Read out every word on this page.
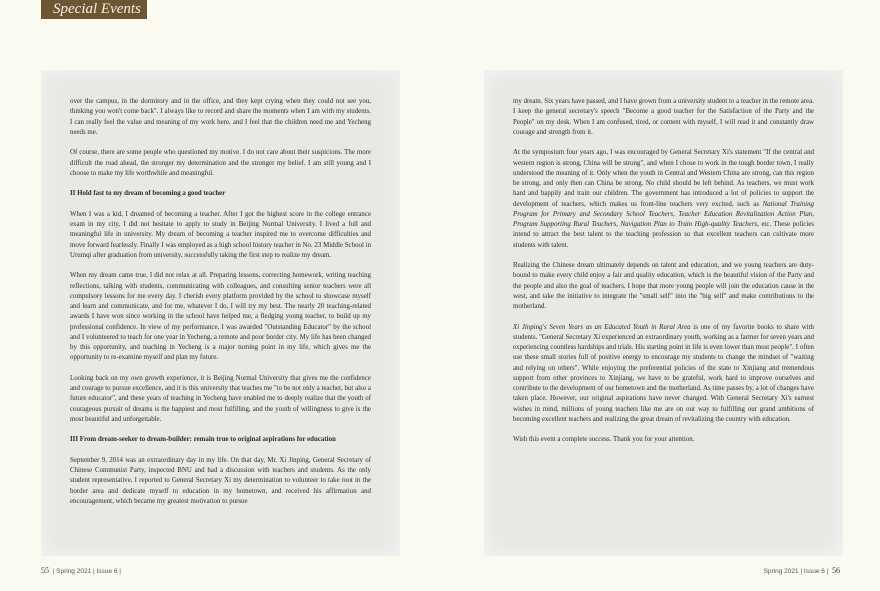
Special Events

over the campus, in the dormitory and in the office, and they kept crying when they could not see you, thinking you won't come back". I always like to record and share the moments when I am with my students. I can really feel the value and meaning of my work here, and I feel that the children need me and Yecheng needs me.

Of course, there are some people who questioned my motive. I do not care about their suspicions. The more difficult the road ahead, the stronger my determination and the stronger my belief. I am still young and I choose to make my life worthwhile and meaningful.

II Hold fast to my dream of becoming a good teacher

When I was a kid, I dreamed of becoming a teacher. After I got the highest score in the college entrance exam in my city, I did not hesitate to apply to study in Beijing Normal University. I lived a full and meaningful life in university. My dream of becoming a teacher inspired me to overcome difficulties and move forward fearlessly. Finally I was employed as a high school history teacher in No. 23 Middle School in Urumqi after graduation from university, successfully taking the first step to realize my dream.

When my dream came true, I did not relax at all. Preparing lessons, correcting homework, writing teaching reflections, talking with students, communicating with colleagues, and consulting senior teachers were all compulsory lessons for me every day. I cherish every platform provided by the school to showcase myself and learn and communicate, and for me, whatever I do, I will try my best. The nearly 20 teaching-related awards I have won since working in the school have helped me, a fledging young teacher, to build up my professional confidence. In view of my performance, I was awarded "Outstanding Educator" by the school and I volunteered to teach for one year in Yecheng, a remote and poor border city. My life has been changed by this opportunity, and teaching in Yecheng is a major turning point in my life, which gives me the opportunity to re-examine myself and plan my future.

Looking back on my own growth experience, it is Beijing Normal University that gives me the confidence and courage to pursue excellence, and it is this university that teaches me "to be not only a teacher, but also a future educator", and these years of teaching in Yecheng have enabled me to deeply realize that the youth of courageous pursuit of dreams is the happiest and most fulfilling, and the youth of willingness to give is the most beautiful and unforgettable.

III From dream-seeker to dream-builder: remain true to original aspirations for education

September 9, 2014 was an extraordinary day in my life. On that day, Mr. Xi Jinping, General Secretary of Chinese Communist Party, inspected BNU and had a discussion with teachers and students. As the only student representative, I reported to General Secretary Xi my determination to volunteer to take root in the border area and dedicate myself to education in my hometown, and received his affirmation and encouragement, which became my greatest motivation to pursue

my dream. Six years have passed, and I have grown from a university student to a teacher in the remote area. I keep the general secretary's speech "Become a good teacher for the Satisfaction of the Party and the People" on my desk. When I am confused, tired, or content with myself, I will read it and constantly draw courage and strength from it.

At the symposium four years ago, I was encouraged by General Secretary Xi's statement "If the central and western region is strong, China will be strong", and when I chose to work in the tough border town, I really understood the meaning of it. Only when the youth in Central and Western China are strong, can this region be strong, and only then can China be strong. No child should be left behind. As teachers, we must work hard and happily and train our children. The government has introduced a lot of policies to support the development of teachers, which makes us front-line teachers very excited, such as National Training Program for Primary and Secondary School Teachers, Teacher Education Revitalization Action Plan, Program Supporting Rural Teachers, Navigation Plan to Train High-quality Teachers, etc. These policies intend to attract the best talent to the teaching profession so that excellent teachers can cultivate more students with talent.

Realizing the Chinese dream ultimately depends on talent and education, and we young teachers are duty-bound to make every child enjoy a fair and quality education, which is the beautiful vision of the Party and the people and also the goal of teachers. I hope that more young people will join the education cause in the west, and take the initiative to integrate the "small self" into the "big self" and make contributions to the motherland.

Xi Jinping's Seven Years as an Educated Youth in Rural Area is one of my favorite books to share with students. "General Secretary Xi experienced an extraordinary youth, working as a farmer for seven years and experiencing countless hardships and trials. His starting point in life is even lower than most people". I often use these small stories full of positive energy to encourage my students to change the mindset of "waiting and relying on others". While enjoying the preferential policies of the state to Xinjiang and tremendous support from other provinces to Xinjiang, we have to be grateful, work hard to improve ourselves and contribute to the development of our hometown and the motherland. As time passes by, a lot of changes have taken place. However, our original aspirations have never changed. With General Secretary Xi's earnest wishes in mind, millions of young teachers like me are on our way to fulfilling our grand ambitions of becoming excellent teachers and realizing the great dream of revitalizing the country with education.

Wish this event a complete success. Thank you for your attention.

55 | Spring 2021 | Issue 6 |	Spring 2021 | Issue 6 | 56
